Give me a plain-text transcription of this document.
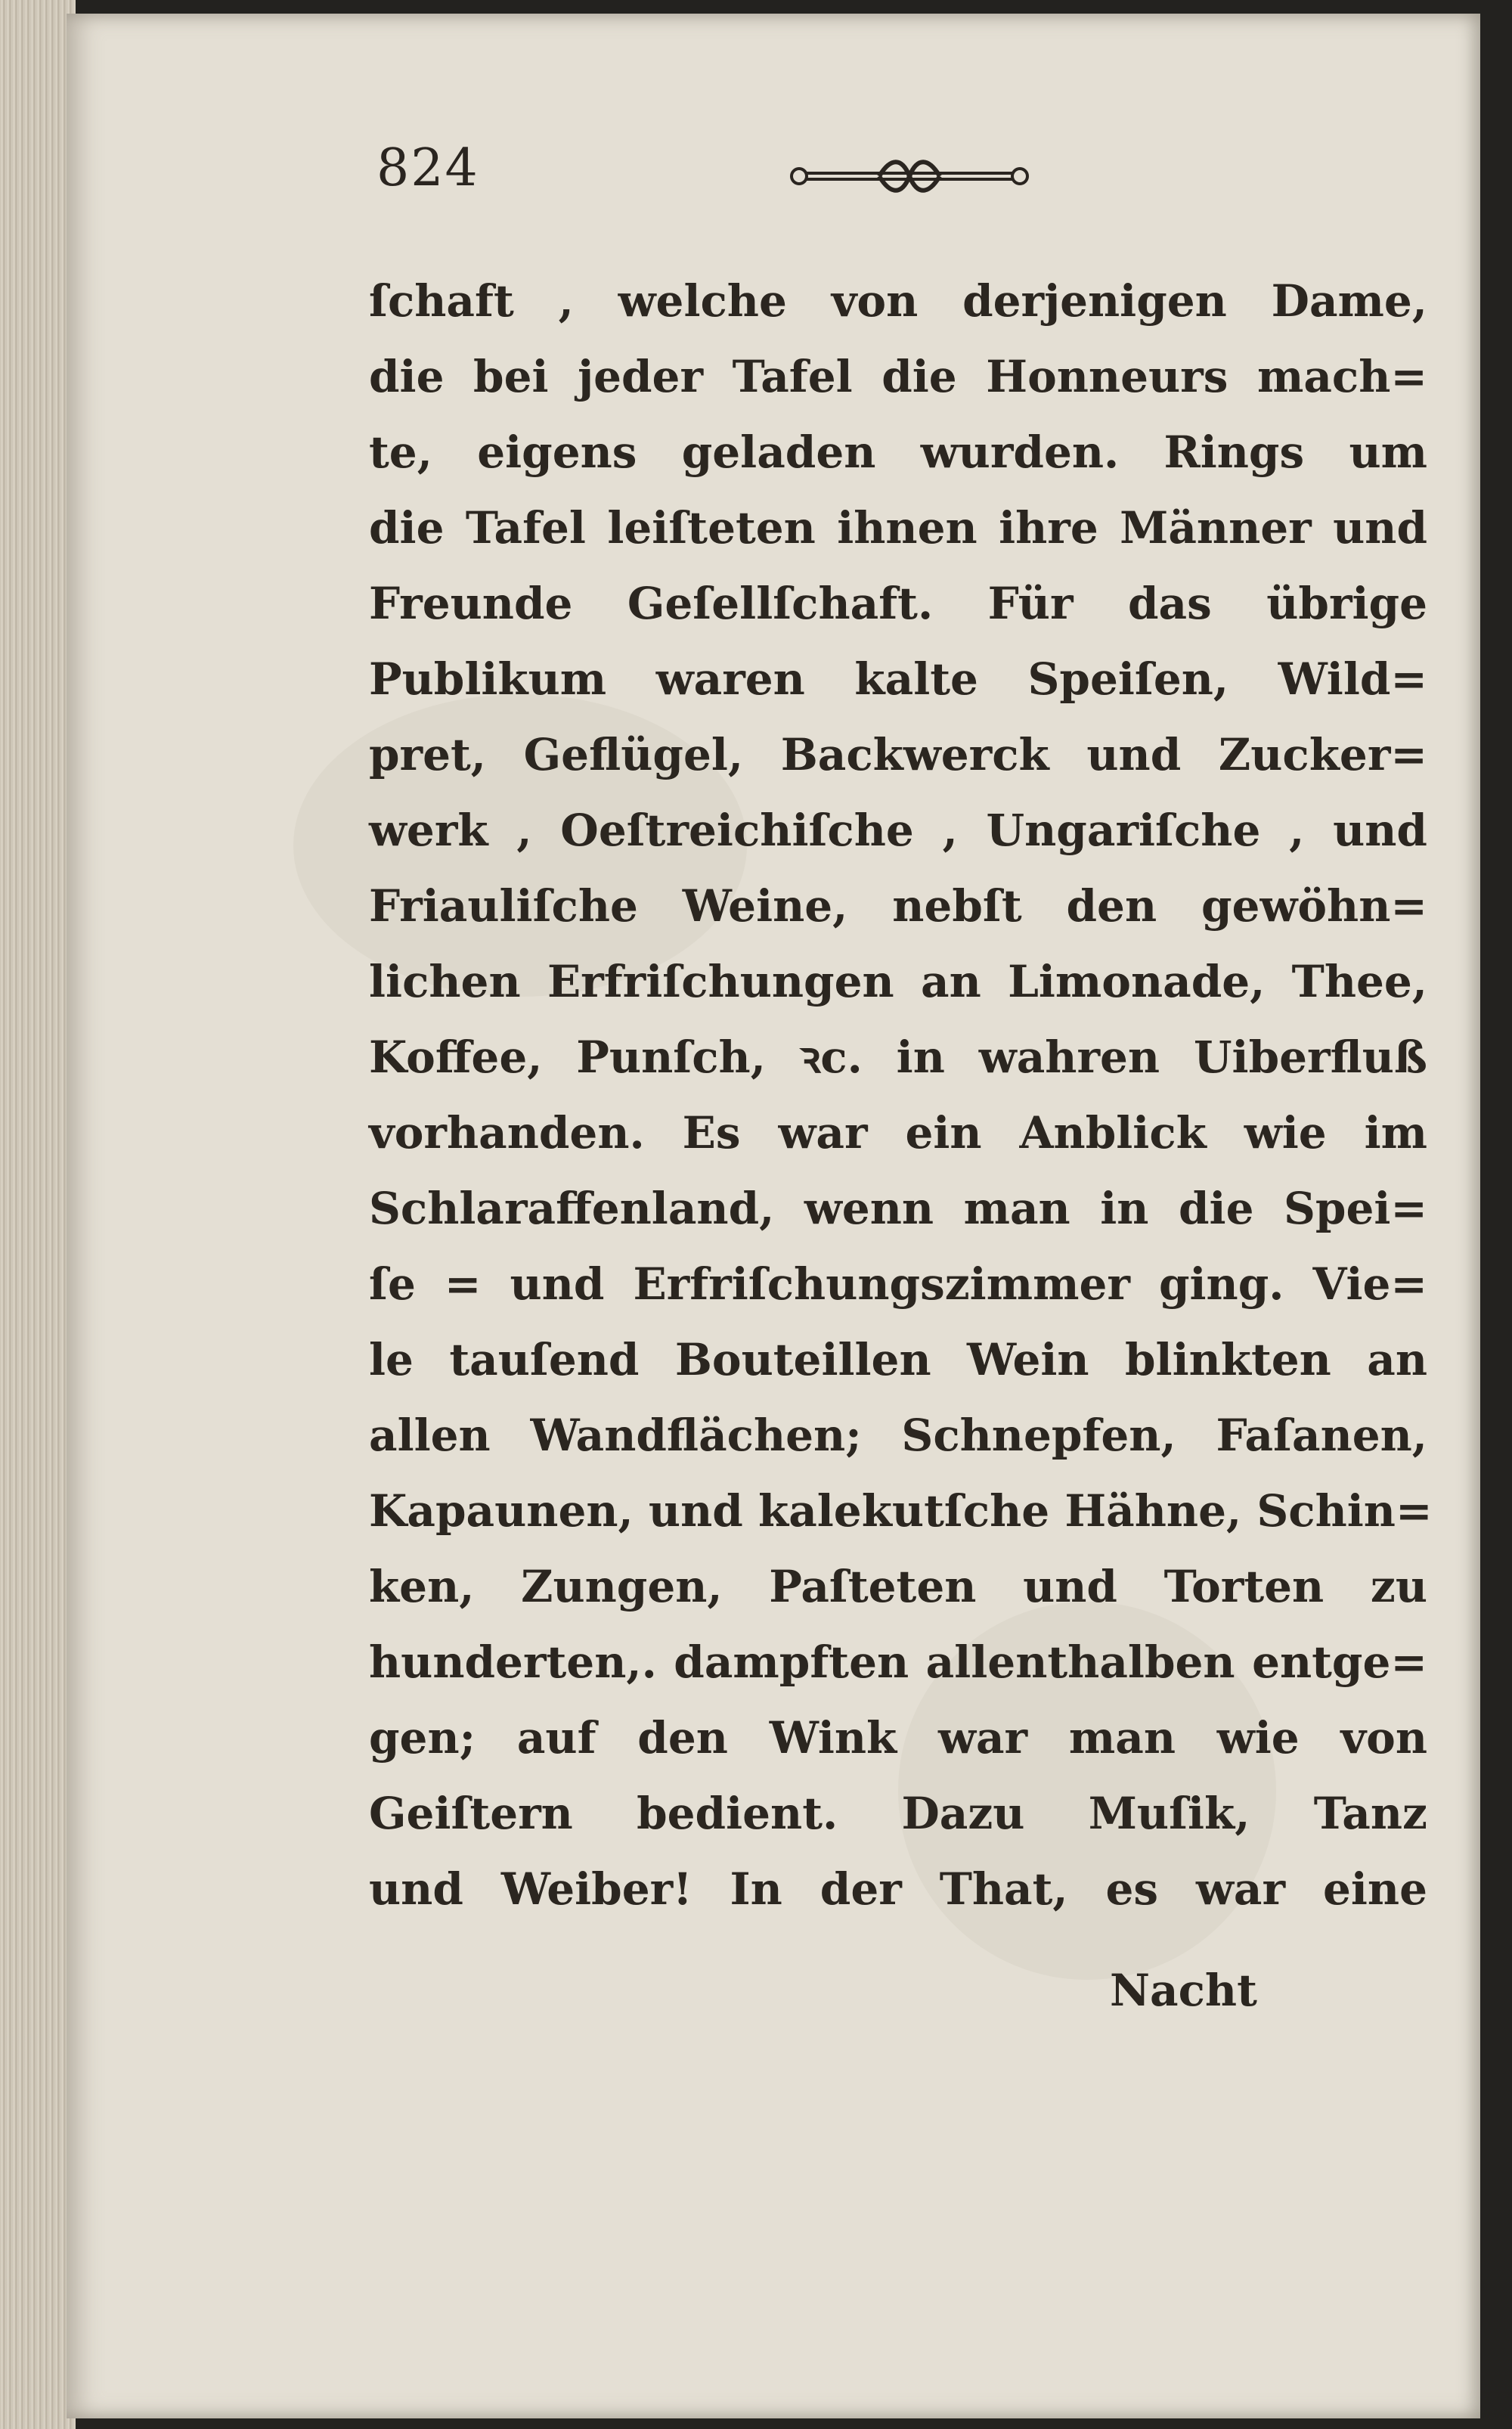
824
ſchaft , welche von derjenigen Dame,
die bei jeder Tafel die Honneurs mach=
te, eigens geladen wurden. Rings um
die Tafel leiſteten ihnen ihre Männer und
Freunde Geſellſchaft. Für das übrige
Publikum waren kalte Speiſen, Wild=
pret, Geflügel, Backwerck und Zucker=
werk , Oeſtreichiſche , Ungariſche , und
Friauliſche Weine, nebſt den gewöhn=
lichen Erfriſchungen an Limonade, Thee,
Koffee, Punſch, ꝛc. in wahren Uiberfluß
vorhanden. Es war ein Anblick wie im
Schlaraffenland, wenn man in die Spei=
ſe = und Erfriſchungszimmer ging. Vie=
le tauſend Bouteillen Wein blinkten an
allen Wandflächen; Schnepfen, Faſanen,
Kapaunen, und kalekutſche Hähne, Schin=
ken, Zungen, Paſteten und Torten zu
hunderten,. dampften allenthalben entge=
gen; auf den Wink war man wie von
Geiſtern bedient. Dazu Muſik, Tanz
und Weiber! In der That, es war eine
Nacht
